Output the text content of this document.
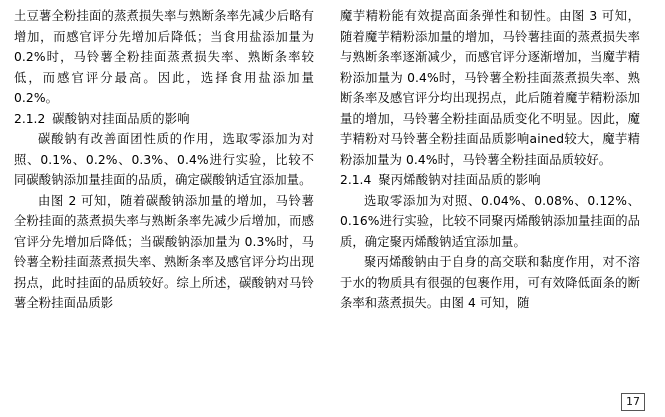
土豆薯全粉挂面的蒸煮损失率与熟断条率先减少后略有增加，而感官评分先增加后降低；当食用盐添加量为 0.2%时，马铃薯全粉挂面蒸煮损失率、熟断条率较低，而感官评分最高。因此，选择食用盐添加量 0.2%。

2.1.2 碳酸钠对挂面品质的影响

碳酸钠有改善面团性质的作用，选取零添加为对照、0.1%、0.2%、0.3%、0.4%进行实验，比较不同碳酸钠添加量挂面的品质，确定碳酸钠适宜添加量。

由图 2 可知，随着碳酸钠添加量的增加，马铃薯全粉挂面的蒸煮损失率与熟断条率先减少后增加，而感官评分先增加后降低；当碳酸钠添加量为 0.3%时，马铃薯全粉挂面蒸煮损失率、熟断条率及感官评分均出现拐点，此时挂面的品质较好。综上所述，碳酸钠对马铃薯全粉挂面品质影

魔芋精粉能有效提高面条弹性和韧性。由图 3 可知，随着魔芋精粉添加量的增加，马铃薯挂面的蒸煮损失率与熟断条率逐渐减少，而感官评分逐渐增加，当魔芋精粉添加量为 0.4%时，马铃薯全粉挂面蒸煮损失率、熟断条率及感官评分均出现拐点，此后随着魔芋精粉添加量的增加，马铃薯全粉挂面品质变化不明显。因此，魔芋精粉对马铃薯全粉挂面品质影响ained较大，魔芋精粉添加量为 0.4%时，马铃薯全粉挂面品质较好。

2.1.4 聚丙烯酸钠对挂面品质的影响

选取零添加为对照、0.04%、0.08%、0.12%、0.16%进行实验，比较不同聚丙烯酸钠添加量挂面的品质，确定聚丙烯酸钠适宜添加量。

聚丙烯酸钠由于自身的高交联和黏度作用，对不溶于水的物质具有很强的包裹作用，可有效降低面条的断条率和蒸煮损失。由图 4 可知，随

17
